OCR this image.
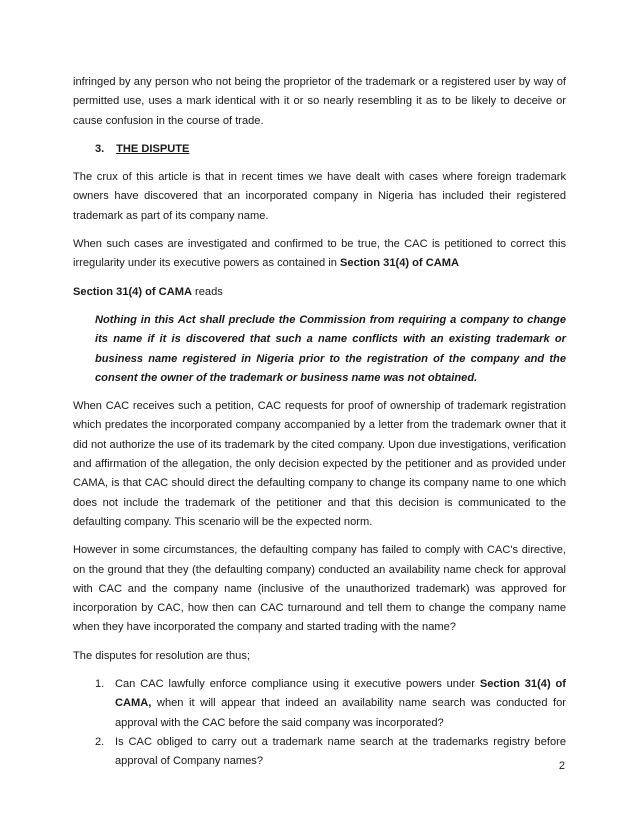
infringed by any person who not being the proprietor of the trademark or a registered user by way of permitted use, uses a mark identical with it or so nearly resembling it as to be likely to deceive or cause confusion in the course of trade.

3. THE DISPUTE

The crux of this article is that in recent times we have dealt with cases where foreign trademark owners have discovered that an incorporated company in Nigeria has included their registered trademark as part of its company name.

When such cases are investigated and confirmed to be true, the CAC is petitioned to correct this irregularity under its executive powers as contained in Section 31(4) of CAMA

Section 31(4) of CAMA reads

Nothing in this Act shall preclude the Commission from requiring a company to change its name if it is discovered that such a name conflicts with an existing trademark or business name registered in Nigeria prior to the registration of the company and the consent the owner of the trademark or business name was not obtained.

When CAC receives such a petition, CAC requests for proof of ownership of trademark registration which predates the incorporated company accompanied by a letter from the trademark owner that it did not authorize the use of its trademark by the cited company. Upon due investigations, verification and affirmation of the allegation, the only decision expected by the petitioner and as provided under CAMA, is that CAC should direct the defaulting company to change its company name to one which does not include the trademark of the petitioner and that this decision is communicated to the defaulting company. This scenario will be the expected norm.

However in some circumstances, the defaulting company has failed to comply with CAC's directive, on the ground that they (the defaulting company) conducted an availability name check for approval with CAC and the company name (inclusive of the unauthorized trademark) was approved for incorporation by CAC, how then can CAC turnaround and tell them to change the company name when they have incorporated the company and started trading with the name?

The disputes for resolution are thus;

1. Can CAC lawfully enforce compliance using it executive powers under Section 31(4) of CAMA, when it will appear that indeed an availability name search was conducted for approval with the CAC before the said company was incorporated?
2. Is CAC obliged to carry out a trademark name search at the trademarks registry before approval of Company names?	2
